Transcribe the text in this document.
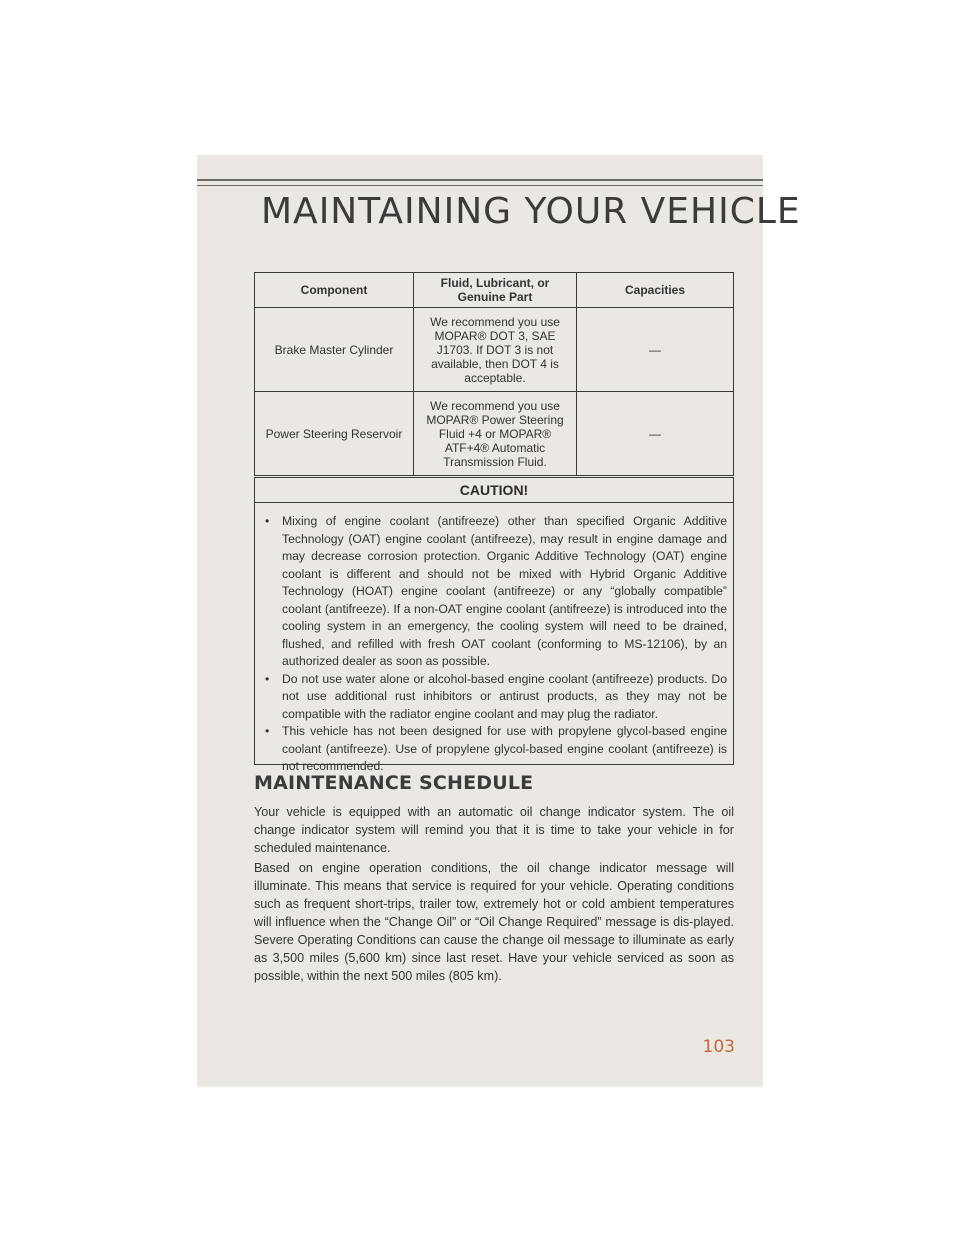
MAINTAINING YOUR VEHICLE
Component	Fluid, Lubricant, or Genuine Part	Capacities
Brake Master Cylinder	We recommend you use MOPAR® DOT 3, SAE J1703. If DOT 3 is not available, then DOT 4 is acceptable.	—
Power Steering Reservoir	We recommend you use MOPAR® Power Steering Fluid +4 or MOPAR® ATF+4® Automatic Transmission Fluid.	—
CAUTION!
• Mixing of engine coolant (antifreeze) other than specified Organic Additive Technology (OAT) engine coolant (antifreeze), may result in engine damage and may decrease corrosion protection. Organic Additive Technology (OAT) engine coolant is different and should not be mixed with Hybrid Organic Additive Technology (HOAT) engine coolant (antifreeze) or any “globally compatible” coolant (antifreeze). If a non-OAT engine coolant (antifreeze) is introduced into the cooling system in an emergency, the cooling system will need to be drained, flushed, and refilled with fresh OAT coolant (conforming to MS-12106), by an authorized dealer as soon as possible.
• Do not use water alone or alcohol-based engine coolant (antifreeze) products. Do not use additional rust inhibitors or antirust products, as they may not be compatible with the radiator engine coolant and may plug the radiator.
• This vehicle has not been designed for use with propylene glycol-based engine coolant (antifreeze). Use of propylene glycol-based engine coolant (antifreeze) is not recommended.
MAINTENANCE SCHEDULE

Your vehicle is equipped with an automatic oil change indicator system. The oil change indicator system will remind you that it is time to take your vehicle in for scheduled maintenance.

Based on engine operation conditions, the oil change indicator message will illuminate. This means that service is required for your vehicle. Operating conditions such as frequent short-trips, trailer tow, extremely hot or cold ambient temperatures will influence when the “Change Oil” or “Oil Change Required” message is dis-played. Severe Operating Conditions can cause the change oil message to illuminate as early as 3,500 miles (5,600 km) since last reset. Have your vehicle serviced as soon as possible, within the next 500 miles (805 km).

103
